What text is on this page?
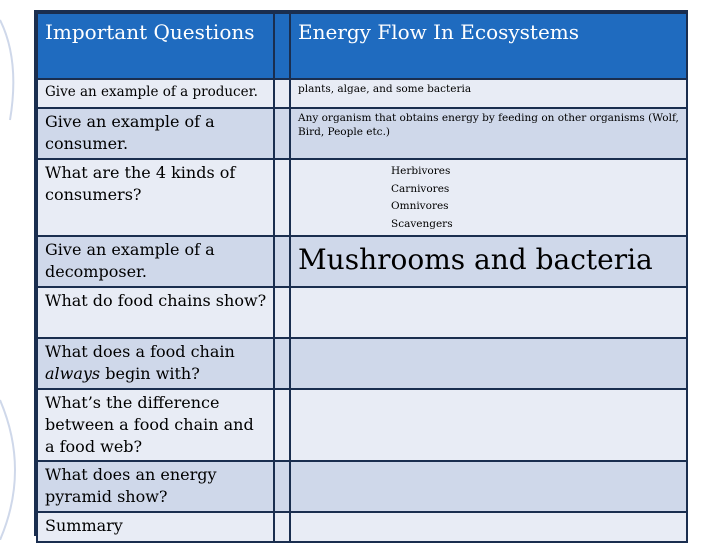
Important Questions		Energy Flow In Ecosystems
Give an example of a producer.		plants, algae, and some bacteria
Give an example of a consumer.		Any organism that obtains energy by feeding on other organisms (Wolf, Bird, People etc.)
What are the 4 kinds of consumers?		Herbivores
Carnivores
Omnivores
Scavengers

Give an example of a decomposer.		Mushrooms and bacteria
What do food chains show?		
What does a food chain always begin with?		
What’s the difference between a food chain and a food web?		
What does an energy pyramid show?		
Summary		
